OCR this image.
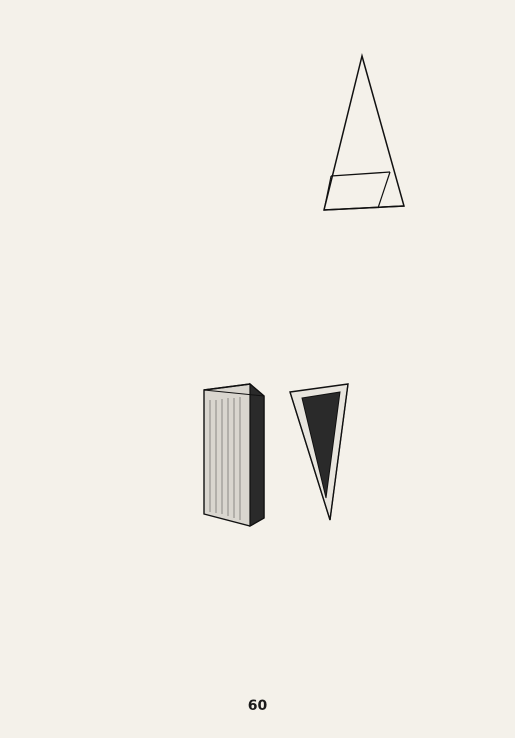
60
